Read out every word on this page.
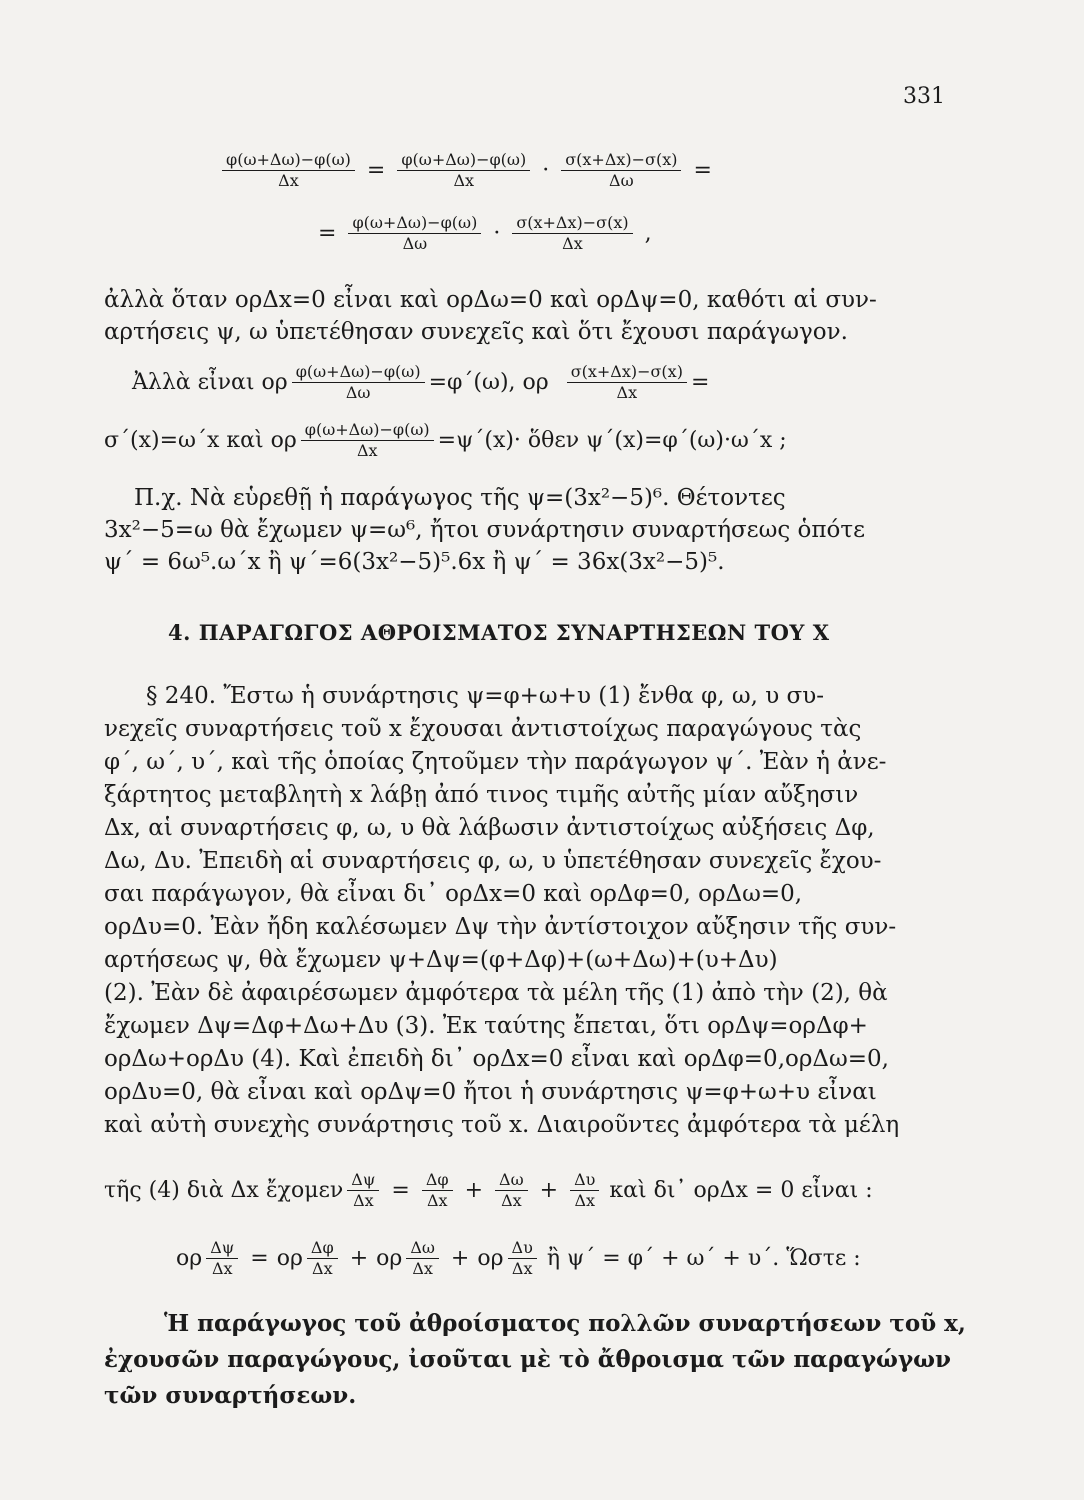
331
$\frac{\varphi(\omega+\Delta\omega)-\varphi(\omega)}{\Delta x} = \frac{\varphi(\omega+\Delta\omega)-\varphi(\omega)}{\Delta x} \cdot \frac{\sigma(x+\Delta x)-\sigma(x)}{\Delta\omega}$ =
= $\frac{\varphi(\omega+\Delta\omega)-\varphi(\omega)}{\Delta\omega} \cdot \frac{\sigma(x+\Delta x)-\sigma(x)}{\Delta x}$ ,
ἀλλὰ ὅταν ορΔx=0 εἶναι καὶ ορΔω=0 καὶ ορΔψ=0, καθότι αἱ συν-
αρτήσεις ψ, ω ὑπετέθησαν συνεχεῖς καὶ ὅτι ἔχουσι παράγωγον.
Ἀλλὰ εἶναι ορ $\frac{\varphi(\omega+\Delta\omega)-\varphi(\omega)}{\Delta\omega} =\varphi΄(\omega)$, ορ $\frac{\sigma(x+\Delta x)-\sigma(x)}{\Delta x}$ =
σ΄(x)=ω΄x καὶ ορ $\frac{\varphi(\omega+\Delta\omega)-\varphi(\omega)}{\Delta x} =\psi΄(x)\cdot$ ὅθεν ψ΄(x)=φ΄(ω)·ω΄x ;
Π.χ. Νὰ εὑρεθῇ ἡ παράγωγος τῆς ψ=(3x²−5)⁶. Θέτοντες
3x²−5=ω θὰ ἔχωμεν ψ=ω⁶, ἤτοι συνάρτησιν συναρτήσεως ὁπότε
ψ΄ = 6ω⁵.ω΄x ἢ ψ΄=6(3x²−5)⁵.6x ἢ ψ΄ = 36x(3x²−5)⁵.
4. ΠΑΡΑΓΩΓΟΣ ΑΘΡΟΙΣΜΑΤΟΣ ΣΥΝΑΡΤΗΣΕΩΝ ΤΟΥ Χ
§ 240. Ἔστω ἡ συνάρτησις ψ=φ+ω+υ (1) ἔνθα φ, ω, υ συ-
νεχεῖς συναρτήσεις τοῦ x ἔχουσαι ἀντιστοίχως παραγώγους τὰς
φ΄, ω΄, υ΄, καὶ τῆς ὁποίας ζητοῦμεν τὴν παράγωγον ψ΄. Ἐὰν ἡ ἀνε-
ξάρτητος μεταβλητὴ x λάβῃ ἀπό τινος τιμῆς αὐτῆς μίαν αὔξησιν
Δx, αἱ συναρτήσεις φ, ω, υ θὰ λάβωσιν ἀντιστοίχως αὐξήσεις Δφ,
Δω, Δυ. Ἐπειδὴ αἱ συναρτήσεις φ, ω, υ ὑπετέθησαν συνεχεῖς ἔχου-
σαι παράγωγον, θὰ εἶναι δι᾽ ορΔx=0 καὶ ορΔφ=0, ορΔω=0,
ορΔυ=0. Ἐὰν ἤδη καλέσωμεν Δψ τὴν ἀντίστοιχον αὔξησιν τῆς συν-
αρτήσεως ψ, θὰ ἔχωμεν ψ+Δψ=(φ+Δφ)+(ω+Δω)+(υ+Δυ)
(2). Ἐὰν δὲ ἀφαιρέσωμεν ἀμφότερα τὰ μέλη τῆς (1) ἀπὸ τὴν (2), θὰ
ἔχωμεν Δψ=Δφ+Δω+Δυ (3). Ἐκ ταύτης ἔπεται, ὅτι ορΔψ=ορΔφ+
ορΔω+ορΔυ (4). Καὶ ἐπειδὴ δι᾽ ορΔx=0 εἶναι καὶ ορΔφ=0,ορΔω=0,
ορΔυ=0, θὰ εἶναι καὶ ορΔψ=0 ἤτοι ἡ συνάρτησις ψ=φ+ω+υ εἶναι
καὶ αὐτὴ συνεχὴς συνάρτησις τοῦ x. Διαιροῦντες ἀμφότερα τὰ μέλη
τῆς (4) διὰ Δx ἔχομεν $\frac{\Delta\psi}{\Delta x} = \frac{\Delta\varphi}{\Delta x} + \frac{\Delta\omega}{\Delta x} + \frac{\Delta\upsilon}{\Delta x}$ καὶ δι᾽ ορΔx = 0 εἶναι :
ορ $\frac{\Delta\psi}{\Delta x} = o\rho \frac{\Delta\varphi}{\Delta x} + o\rho \frac{\Delta\omega}{\Delta x} + o\rho \frac{\Delta\upsilon}{\Delta x}$ ἢ ψ΄ = φ΄ + ω΄ + υ΄. Ὥστε :
Ἡ παράγωγος τοῦ ἀθροίσματος πολλῶν συναρτήσεων τοῦ x,
ἐχουσῶν παραγώγους, ἰσοῦται μὲ τὸ ἄθροισμα τῶν παραγώγων
τῶν συναρτήσεων.
